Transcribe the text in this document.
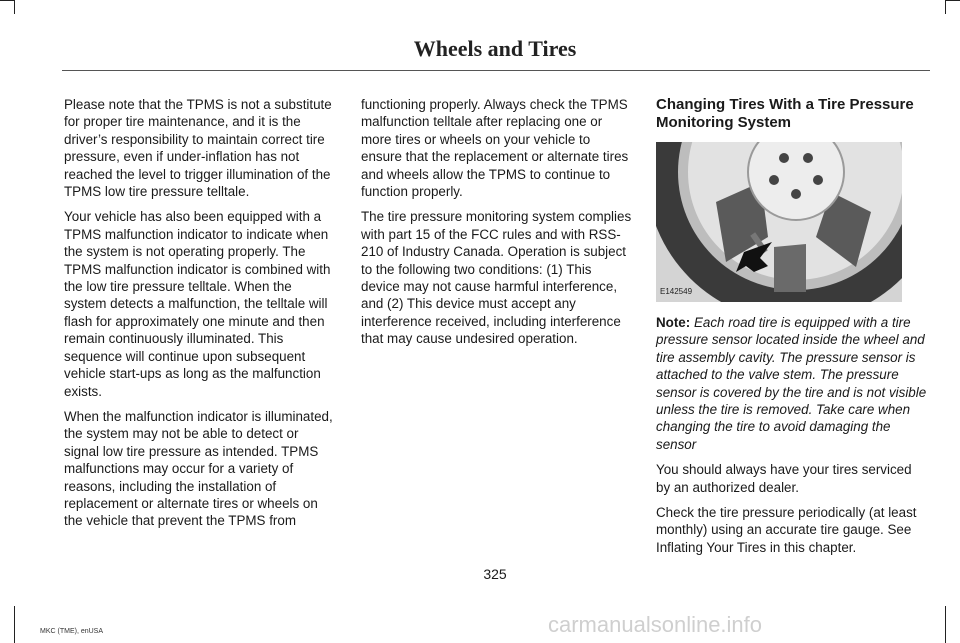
Wheels and Tires

Please note that the TPMS is not a substitute for proper tire maintenance, and it is the driver’s responsibility to maintain correct tire pressure, even if under-inflation has not reached the level to trigger illumination of the TPMS low tire pressure telltale.

Your vehicle has also been equipped with a TPMS malfunction indicator to indicate when the system is not operating properly. The TPMS malfunction indicator is combined with the low tire pressure telltale. When the system detects a malfunction, the telltale will flash for approximately one minute and then remain continuously illuminated. This sequence will continue upon subsequent vehicle start-ups as long as the malfunction exists.

When the malfunction indicator is illuminated, the system may not be able to detect or signal low tire pressure as intended. TPMS malfunctions may occur for a variety of reasons, including the installation of replacement or alternate tires or wheels on the vehicle that prevent the TPMS from

functioning properly. Always check the TPMS malfunction telltale after replacing one or more tires or wheels on your vehicle to ensure that the replacement or alternate tires and wheels allow the TPMS to continue to function properly.

The tire pressure monitoring system complies with part 15 of the FCC rules and with RSS-210 of Industry Canada. Operation is subject to the following two conditions: (1) This device may not cause harmful interference, and (2) This device must accept any interference received, including interference that may cause undesired operation.

Changing Tires With a Tire Pressure Monitoring System
E142549

Note: Each road tire is equipped with a tire pressure sensor located inside the wheel and tire assembly cavity. The pressure sensor is attached to the valve stem. The pressure sensor is covered by the tire and is not visible unless the tire is removed. Take care when changing the tire to avoid damaging the sensor

You should always have your tires serviced by an authorized dealer.

Check the tire pressure periodically (at least monthly) using an accurate tire gauge. See Inflating Your Tires in this chapter.

325
MKC (TME), enUSA	carmanualsonline.info
